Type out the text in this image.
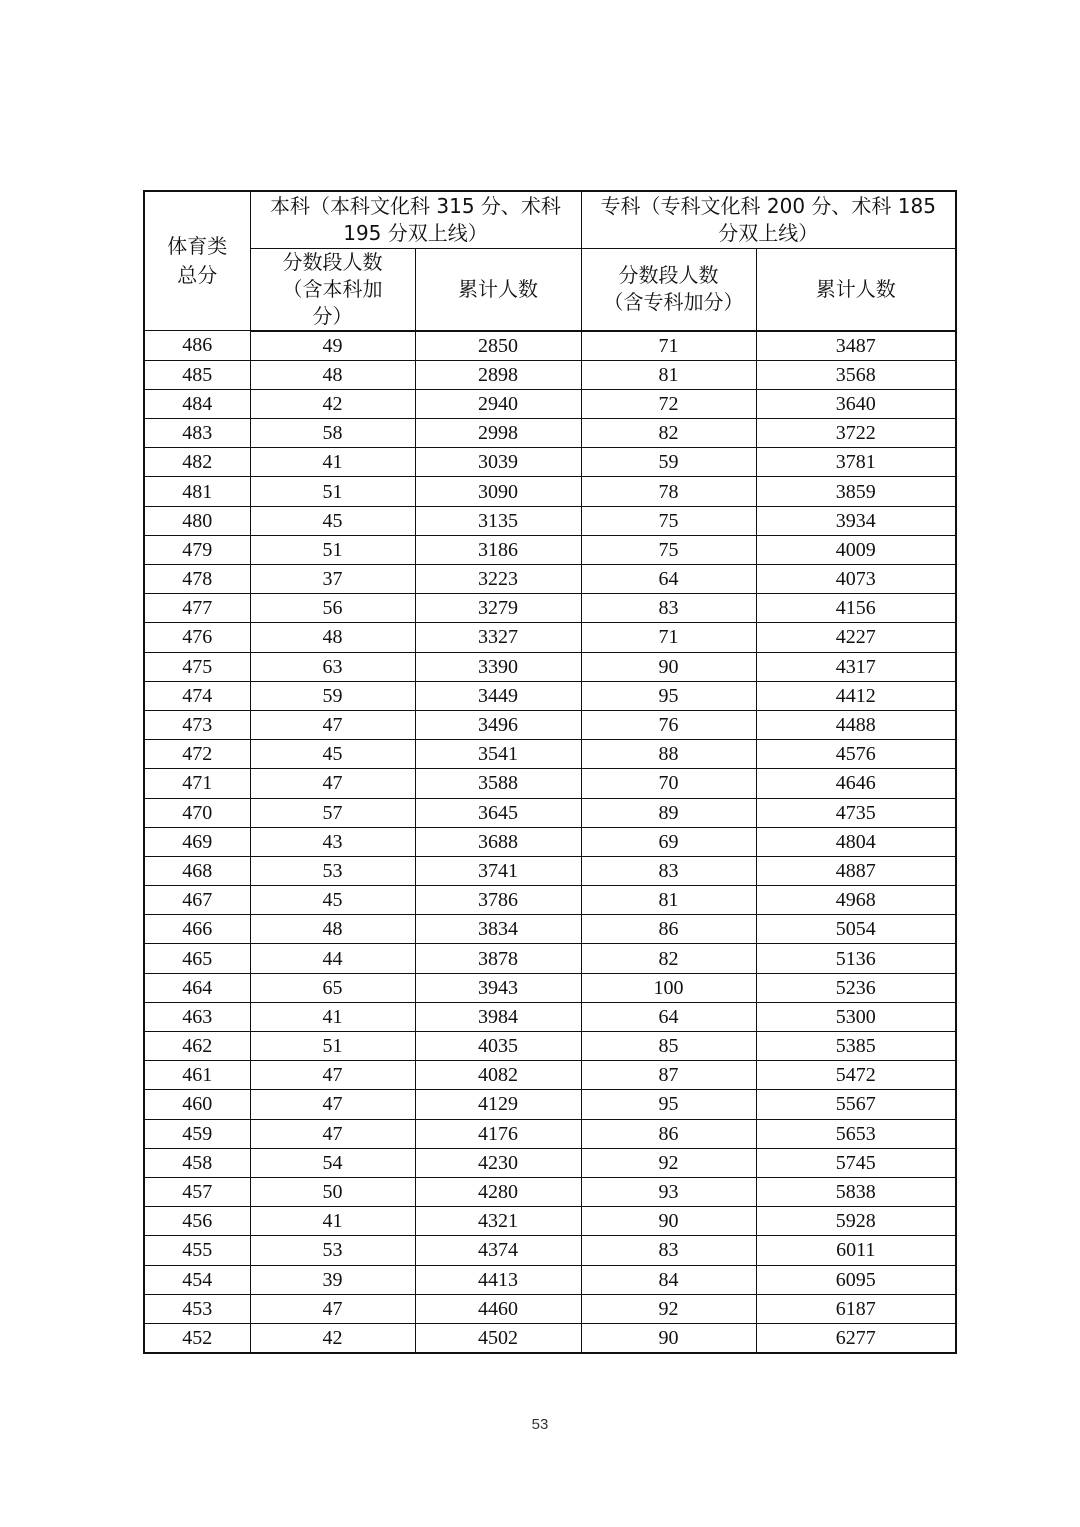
体育类总分	本科（本科文化科 315 分、术科 195 分双上线）		专科（专科文化科 200 分、术科 185 分双上线）	
	分数段人数（含本科加分）	累计人数	分数段人数（含专科加分）	累计人数
486	49	2850	71	3487
485	48	2898	81	3568
484	42	2940	72	3640
483	58	2998	82	3722
482	41	3039	59	3781
481	51	3090	78	3859
480	45	3135	75	3934
479	51	3186	75	4009
478	37	3223	64	4073
477	56	3279	83	4156
476	48	3327	71	4227
475	63	3390	90	4317
474	59	3449	95	4412
473	47	3496	76	4488
472	45	3541	88	4576
471	47	3588	70	4646
470	57	3645	89	4735
469	43	3688	69	4804
468	53	3741	83	4887
467	45	3786	81	4968
466	48	3834	86	5054
465	44	3878	82	5136
464	65	3943	100	5236
463	41	3984	64	5300
462	51	4035	85	5385
461	47	4082	87	5472
460	47	4129	95	5567
459	47	4176	86	5653
458	54	4230	92	5745
457	50	4280	93	5838
456	41	4321	90	5928
455	53	4374	83	6011
454	39	4413	84	6095
453	47	4460	92	6187
452	42	4502	90	6277
53
